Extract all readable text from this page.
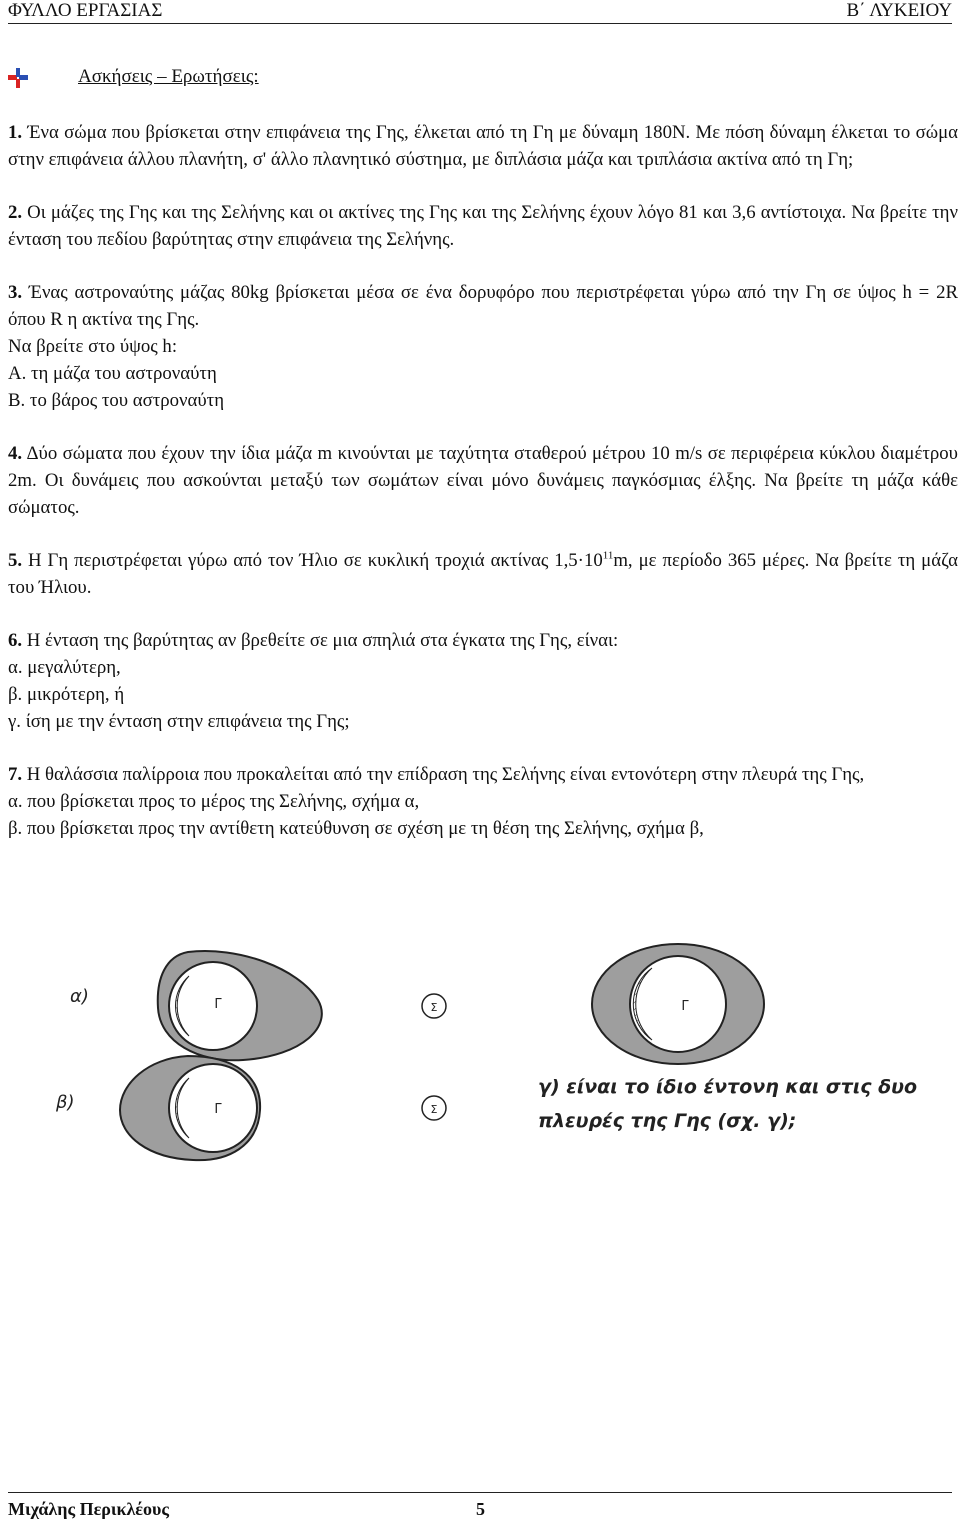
ΦΥΛΛΟ ΕΡΓΑΣΙΑΣ	Β΄ ΛΥΚΕΙΟΥ
Ασκήσεις – Ερωτήσεις:

1. Ένα σώμα που βρίσκεται στην επιφάνεια της Γης, έλκεται από τη Γη με δύναμη 180Ν. Με πόση δύναμη έλκεται το σώμα στην επιφάνεια άλλου πλανήτη, σ' άλλο πλανητικό σύστημα, με διπλάσια μάζα και τριπλάσια ακτίνα από τη Γη;

2. Οι μάζες της Γης και της Σελήνης και οι ακτίνες της Γης και της Σελήνης έχουν λόγο 81 και 3,6 αντίστοιχα. Να βρείτε την ένταση του πεδίου βαρύτητας στην επιφάνεια της Σελήνης.

3. Ένας αστροναύτης μάζας 80kg βρίσκεται μέσα σε ένα δορυφόρο που περιστρέφεται γύρω από την Γη σε ύψος h = 2R όπου R η ακτίνα της Γης.
Να βρείτε στο ύψος h:
Α. τη μάζα του αστροναύτη
Β. το βάρος του αστροναύτη

4. Δύο σώματα που έχουν την ίδια μάζα m κινούνται με ταχύτητα σταθερού μέτρου 10 m/s σε περιφέρεια κύκλου διαμέτρου 2m. Οι δυνάμεις που ασκούνται μεταξύ των σωμάτων είναι μόνο δυνάμεις παγκόσμιας έλξης. Να βρείτε τη μάζα κάθε σώματος.

5. Η Γη περιστρέφεται γύρω από τον Ήλιο σε κυκλική τροχιά ακτίνας $1,5\cdot 10^{11}m$, με περίοδο 365 μέρες. Να βρείτε τη μάζα του Ήλιου.

6. Η ένταση της βαρύτητας αν βρεθείτε σε μια σπηλιά στα έγκατα της Γης, είναι:
α. μεγαλύτερη,
β. μικρότερη, ή
γ. ίση με την ένταση στην επιφάνεια της Γης;

7. Η θαλάσσια παλίρροια που προκαλείται από την επίδραση της Σελήνης είναι εντονότερη στην πλευρά της Γης,
α. που βρίσκεται προς το μέρος της Σελήνης, σχήμα α,
β. που βρίσκεται προς την αντίθετη κατεύθυνση σε σχέση με τη θέση της Σελήνης, σχήμα β,

α)	Γ	Σ
β)	Γ	Σ
Γ
γ) είναι το ίδιο έντονη και στις δυο πλευρές της Γης (σχ. γ);
Μιχάλης Περικλέους	5
